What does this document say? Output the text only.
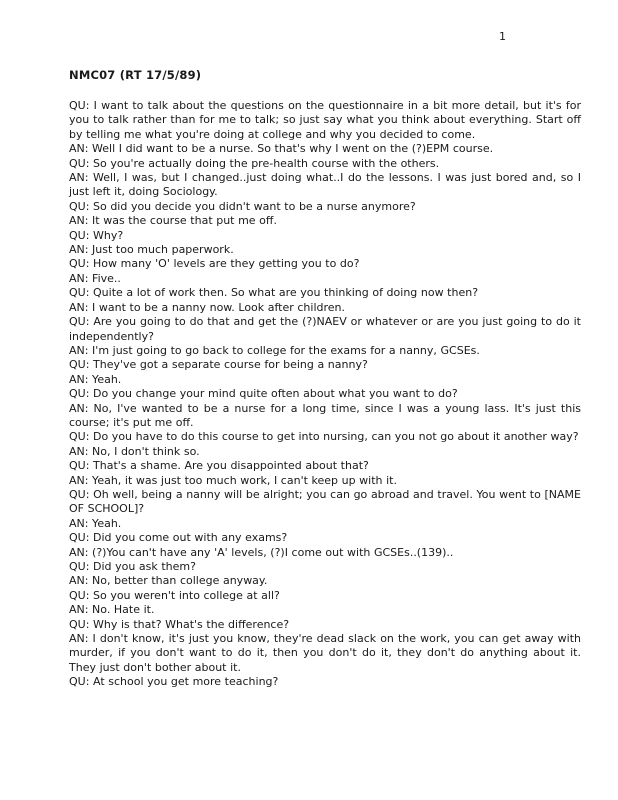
1
NMC07 (RT 17/5/89)

QU: I want to talk about the questions on the questionnaire in a bit more detail, but it's for you to talk rather than for me to talk; so just say what you think about everything. Start off by telling me what you're doing at college and why you decided to come.

AN: Well I did want to be a nurse. So that's why I went on the (?)EPM course.

QU: So you're actually doing the pre-health course with the others.

AN: Well, I was, but I changed..just doing what..I do the lessons. I was just bored and, so I just left it, doing Sociology.

QU: So did you decide you didn't want to be a nurse anymore?

AN: It was the course that put me off.

QU: Why?

AN: Just too much paperwork.

QU: How many 'O' levels are they getting you to do?

AN: Five..

QU: Quite a lot of work then. So what are you thinking of doing now then?

AN: I want to be a nanny now. Look after children.

QU: Are you going to do that and get the (?)NAEV or whatever or are you just going to do it independently?

AN: I'm just going to go back to college for the exams for a nanny, GCSEs.

QU: They've got a separate course for being a nanny?

AN: Yeah.

QU: Do you change your mind quite often about what you want to do?

AN: No, I've wanted to be a nurse for a long time, since I was a young lass. It's just this course; it's put me off.

QU: Do you have to do this course to get into nursing, can you not go about it another way?

AN: No, I don't think so.

QU: That's a shame. Are you disappointed about that?

AN: Yeah, it was just too much work, I can't keep up with it.

QU: Oh well, being a nanny will be alright; you can go abroad and travel. You went to [NAME OF SCHOOL]?

AN: Yeah.

QU: Did you come out with any exams?

AN: (?)You can't have any 'A' levels, (?)I come out with GCSEs..(139)..

QU: Did you ask them?

AN: No, better than college anyway.

QU: So you weren't into college at all?

AN: No. Hate it.

QU: Why is that? What's the difference?

AN: I don't know, it's just you know, they're dead slack on the work, you can get away with murder, if you don't want to do it, then you don't do it, they don't do anything about it. They just don't bother about it.

QU: At school you get more teaching?
